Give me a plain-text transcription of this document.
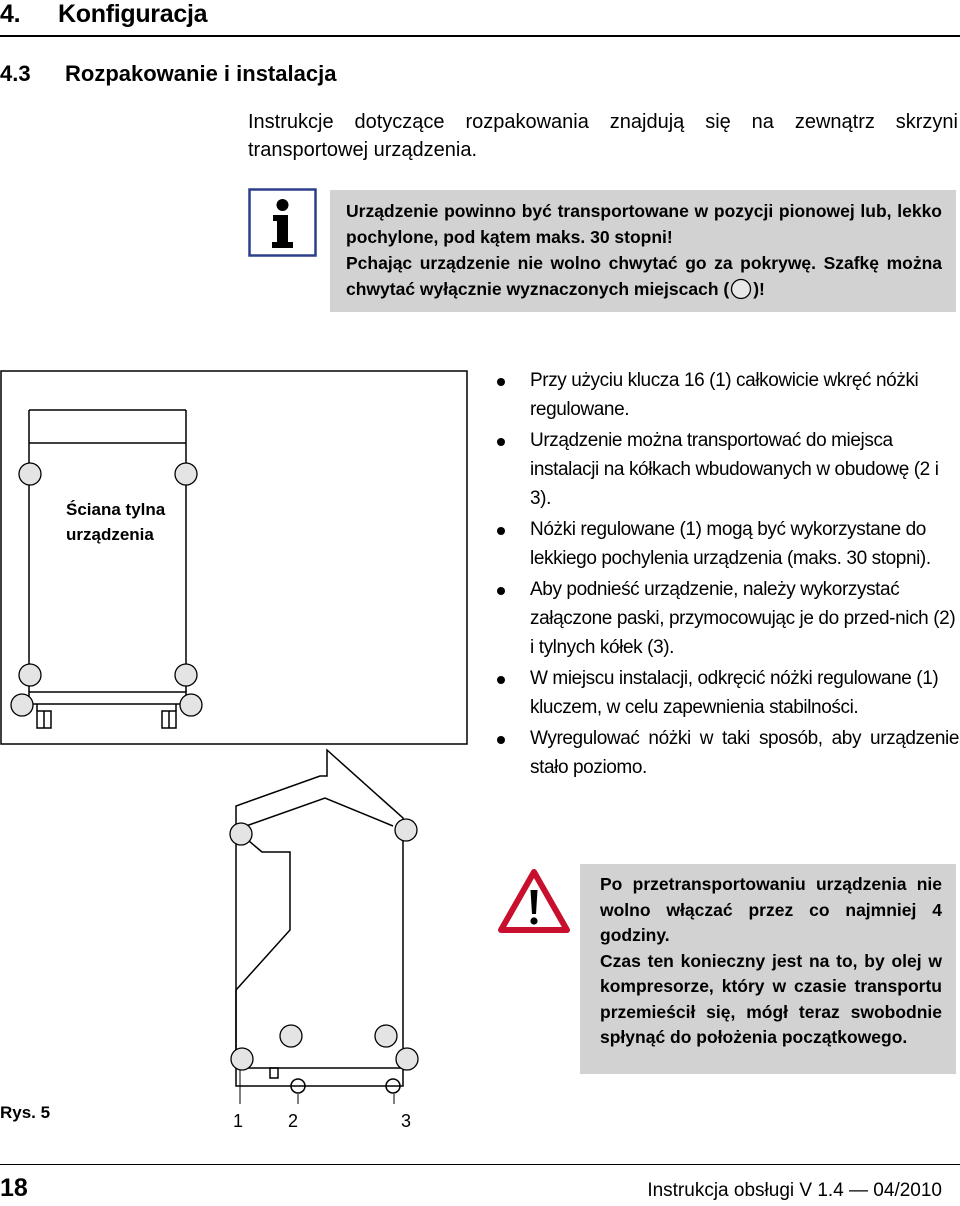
4. Konfiguracja
4.3 Rozpakowanie i instalacja
Instrukcje dotyczące rozpakowania znajdują się na zewnątrz skrzyni transportowej urządzenia.

Urządzenie powinno być transportowane w pozycji pionowej lub, lekko pochylone, pod kątem maks. 30 stopni!

Pchając urządzenie nie wolno chwytać go za pokrywę. Szafkę można chwytać wyłącznie wyznaczonych miejscach ( )!

Ściana tylna
urządzenia
1 2	3
Rys. 5
Przy użyciu klucza 16 (1) całkowicie wkręć nóżki regulowane.
Urządzenie można transportować do miejsca instalacji na kółkach wbudowanych w obudowę (2 i 3).
Nóżki regulowane (1) mogą być wykorzystane do lekkiego pochylenia urządzenia (maks. 30 stopni).
Aby podnieść urządzenie, należy wykorzystać załączone paski, przymocowując je do przed-nich (2) i tylnych kółek (3).
W miejscu instalacji, odkręcić nóżki regulowane (1) kluczem, w celu zapewnienia stabilności.
Wyregulować nóżki w taki sposób, aby urządzenie stało poziomo.

Po przetransportowaniu urządzenia nie wolno włączać przez co najmniej 4 godziny.

Czas ten konieczny jest na to, by olej w kompresorze, który w czasie transportu przemieścił się, mógł teraz swobodnie spłynąć do położenia początkowego.

18	Instrukcja obsługi V 1.4 — 04/2010
